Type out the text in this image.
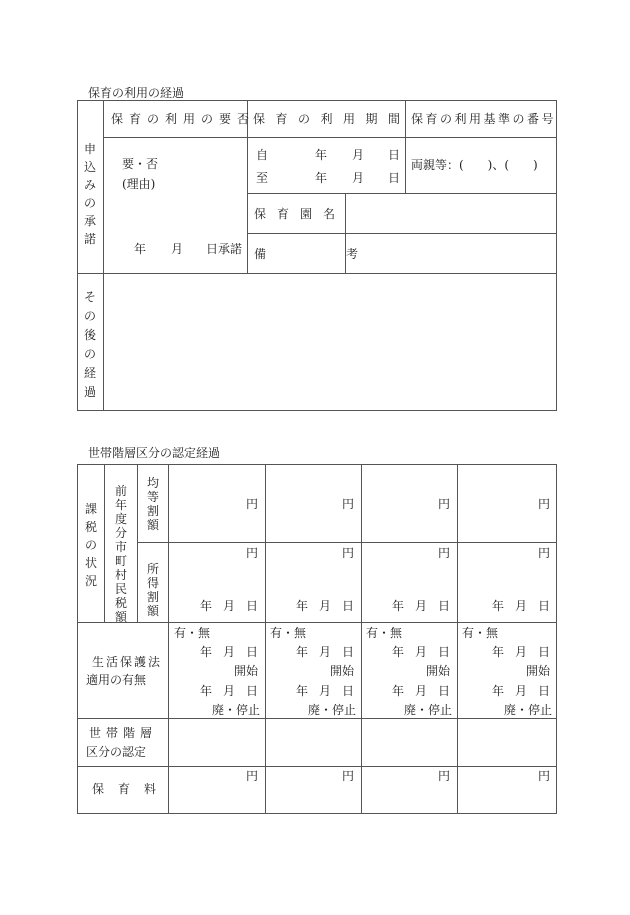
保育の利用の経過
申込みの承諾
その後の経過
保育の利用の要否
保育の利用期間 保育の利用基準の番号
要・否
(理由)
年 月 日承諾
自	年 月 日
至	年 月 日
両親等：(　　)、(　　)
保育園名
備　考
世帯階層区分の認定経過
課税の状況
前年度分市町村民税額
均等割額
所得割額
生活保護法
適用の有無
世帯階層
区分の認定
保育料
円
円
年 月 日
有・無
年 月 日
開始
年 月 日
廃・停止
円
円
円
年 月 日
有・無
年 月 日
開始
年 月 日
廃・停止
円
円
円
年 月 日
有・無
年 月 日
開始
年 月 日
廃・停止
円
円
円
年 月 日
有・無
年 月 日
開始
年 月 日
廃・停止
円
